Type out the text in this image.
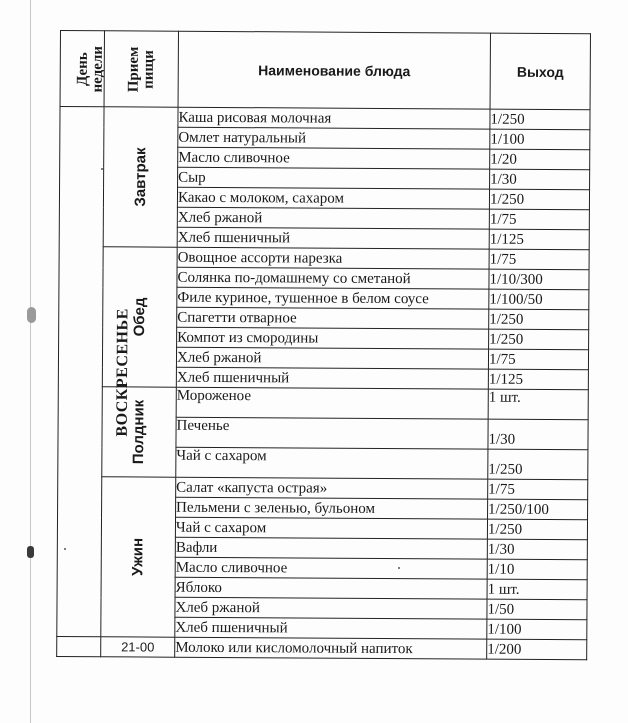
День недели	Прием пищи	Наименование блюда	Выход
ВОСКРЕСЕНЬЕ	Завтрак	Каша рисовая молочная	1/250
		Омлет натуральный	1/100
		Масло сливочное	1/20
		Сыр	1/30
		Какао с молоком, сахаром	1/250
		Хлеб ржаной	1/75
		Хлеб пшеничный	1/125
	Обед	Овощное ассорти нарезка	1/75
		Солянка по-домашнему со сметаной	1/10/300
		Филе куриное, тушенное в белом соусе	1/100/50
		Спагетти отварное	1/250
		Компот из смородины	1/250
		Хлеб ржаной	1/75
		Хлеб пшеничный	1/125
	Полдник	Мороженое	1 шт.
		Печенье	1/30
		Чай с сахаром	1/250
	Ужин	Салат «капуста острая»	1/75
		Пельмени с зеленью, бульоном	1/250/100
		Чай с сахаром	1/250
		Вафли	1/30
		Масло сливочное	1/10
		Яблоко	1 шт.
		Хлеб ржаной	1/50
		Хлеб пшеничный	1/100
	21-00	Молоко или кисломолочный напиток	1/200
